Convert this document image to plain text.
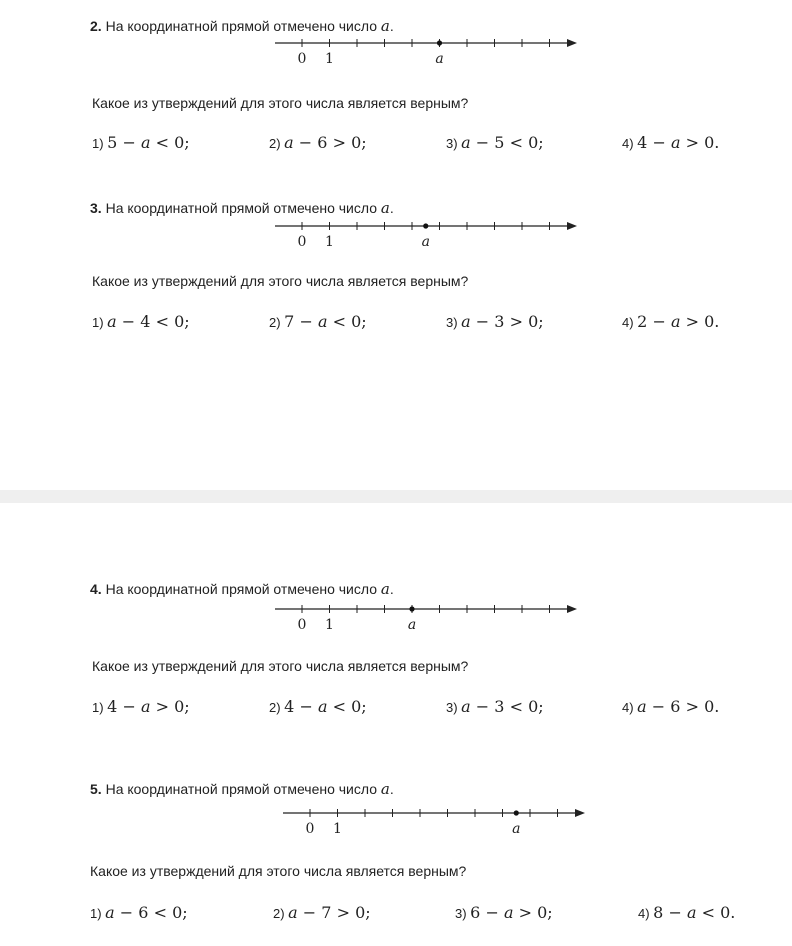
2. На координатной прямой отмечено число a.
0 1	a
Какое из утверждений для этого числа является верным?
1) 5 − a < 0;	2) a − 6 > 0;	3) a − 5 < 0;	4) 4 − a > 0.
3. На координатной прямой отмечено число a.
0 1	a
Какое из утверждений для этого числа является верным?
1) a − 4 < 0;	2) 7 − a < 0;	3) a − 3 > 0;	4) 2 − a > 0.
4. На координатной прямой отмечено число a.
0 1	a
Какое из утверждений для этого числа является верным?
1) 4 − a > 0;	2) 4 − a < 0;	3) a − 3 < 0;	4) a − 6 > 0.
5. На координатной прямой отмечено число a.
0 1	a
Какое из утверждений для этого числа является верным?
1) a − 6 < 0;	2) a − 7 > 0;	3) 6 − a > 0;	4) 8 − a < 0.
